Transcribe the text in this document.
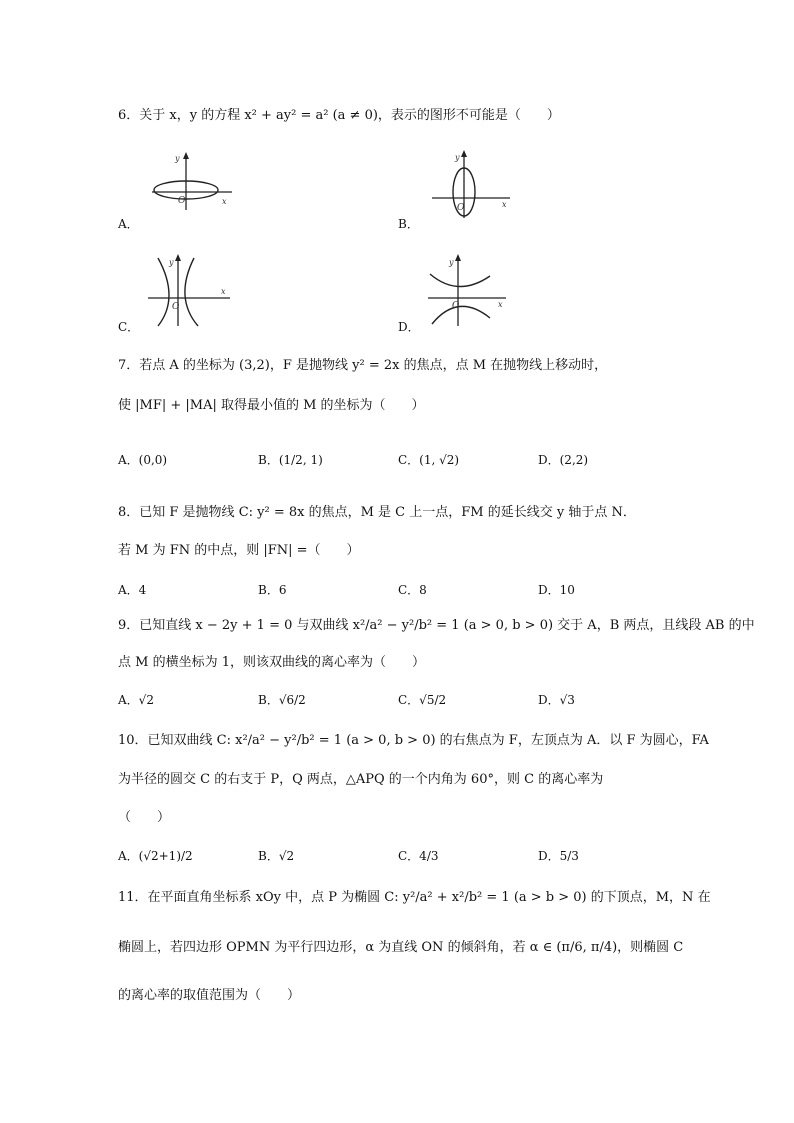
6．关于 x，y 的方程 x² + ay² = a² (a ≠ 0)，表示的图形不可能是（　　）
y
O	x
A．
y
O	x
B．
y
O
x
C．
y
O	x
D．
7．若点 A 的坐标为 (3,2)，F 是抛物线 y² = 2x 的焦点，点 M 在抛物线上移动时，
使 |MF| + |MA| 取得最小值的 M 的坐标为（　　）
A．(0,0)	B．(1/2, 1)	C．(1, √2)	D．(2,2)
8．已知 F 是抛物线 C: y² = 8x 的焦点，M 是 C 上一点，FM 的延长线交 y 轴于点 N．
若 M 为 FN 的中点，则 |FN| =（　　）
A．4	B．6	C．8	D．10
9．已知直线 x − 2y + 1 = 0 与双曲线 x²/a² − y²/b² = 1 (a > 0, b > 0) 交于 A，B 两点，且线段 AB 的中
点 M 的横坐标为 1，则该双曲线的离心率为（　　）
A．√2	B．√6/2	C．√5/2	D．√3
10．已知双曲线 C: x²/a² − y²/b² = 1 (a > 0, b > 0) 的右焦点为 F，左顶点为 A．以 F 为圆心，FA
为半径的圆交 C 的右支于 P，Q 两点，△APQ 的一个内角为 60°，则 C 的离心率为
（　　）
A．(√2+1)/2	B．√2	C．4/3	D．5/3
11．在平面直角坐标系 xOy 中，点 P 为椭圆 C: y²/a² + x²/b² = 1 (a > b > 0) 的下顶点，M，N 在
椭圆上，若四边形 OPMN 为平行四边形，α 为直线 ON 的倾斜角，若 α ∈ (π/6, π/4)，则椭圆 C
的离心率的取值范围为（　　）
